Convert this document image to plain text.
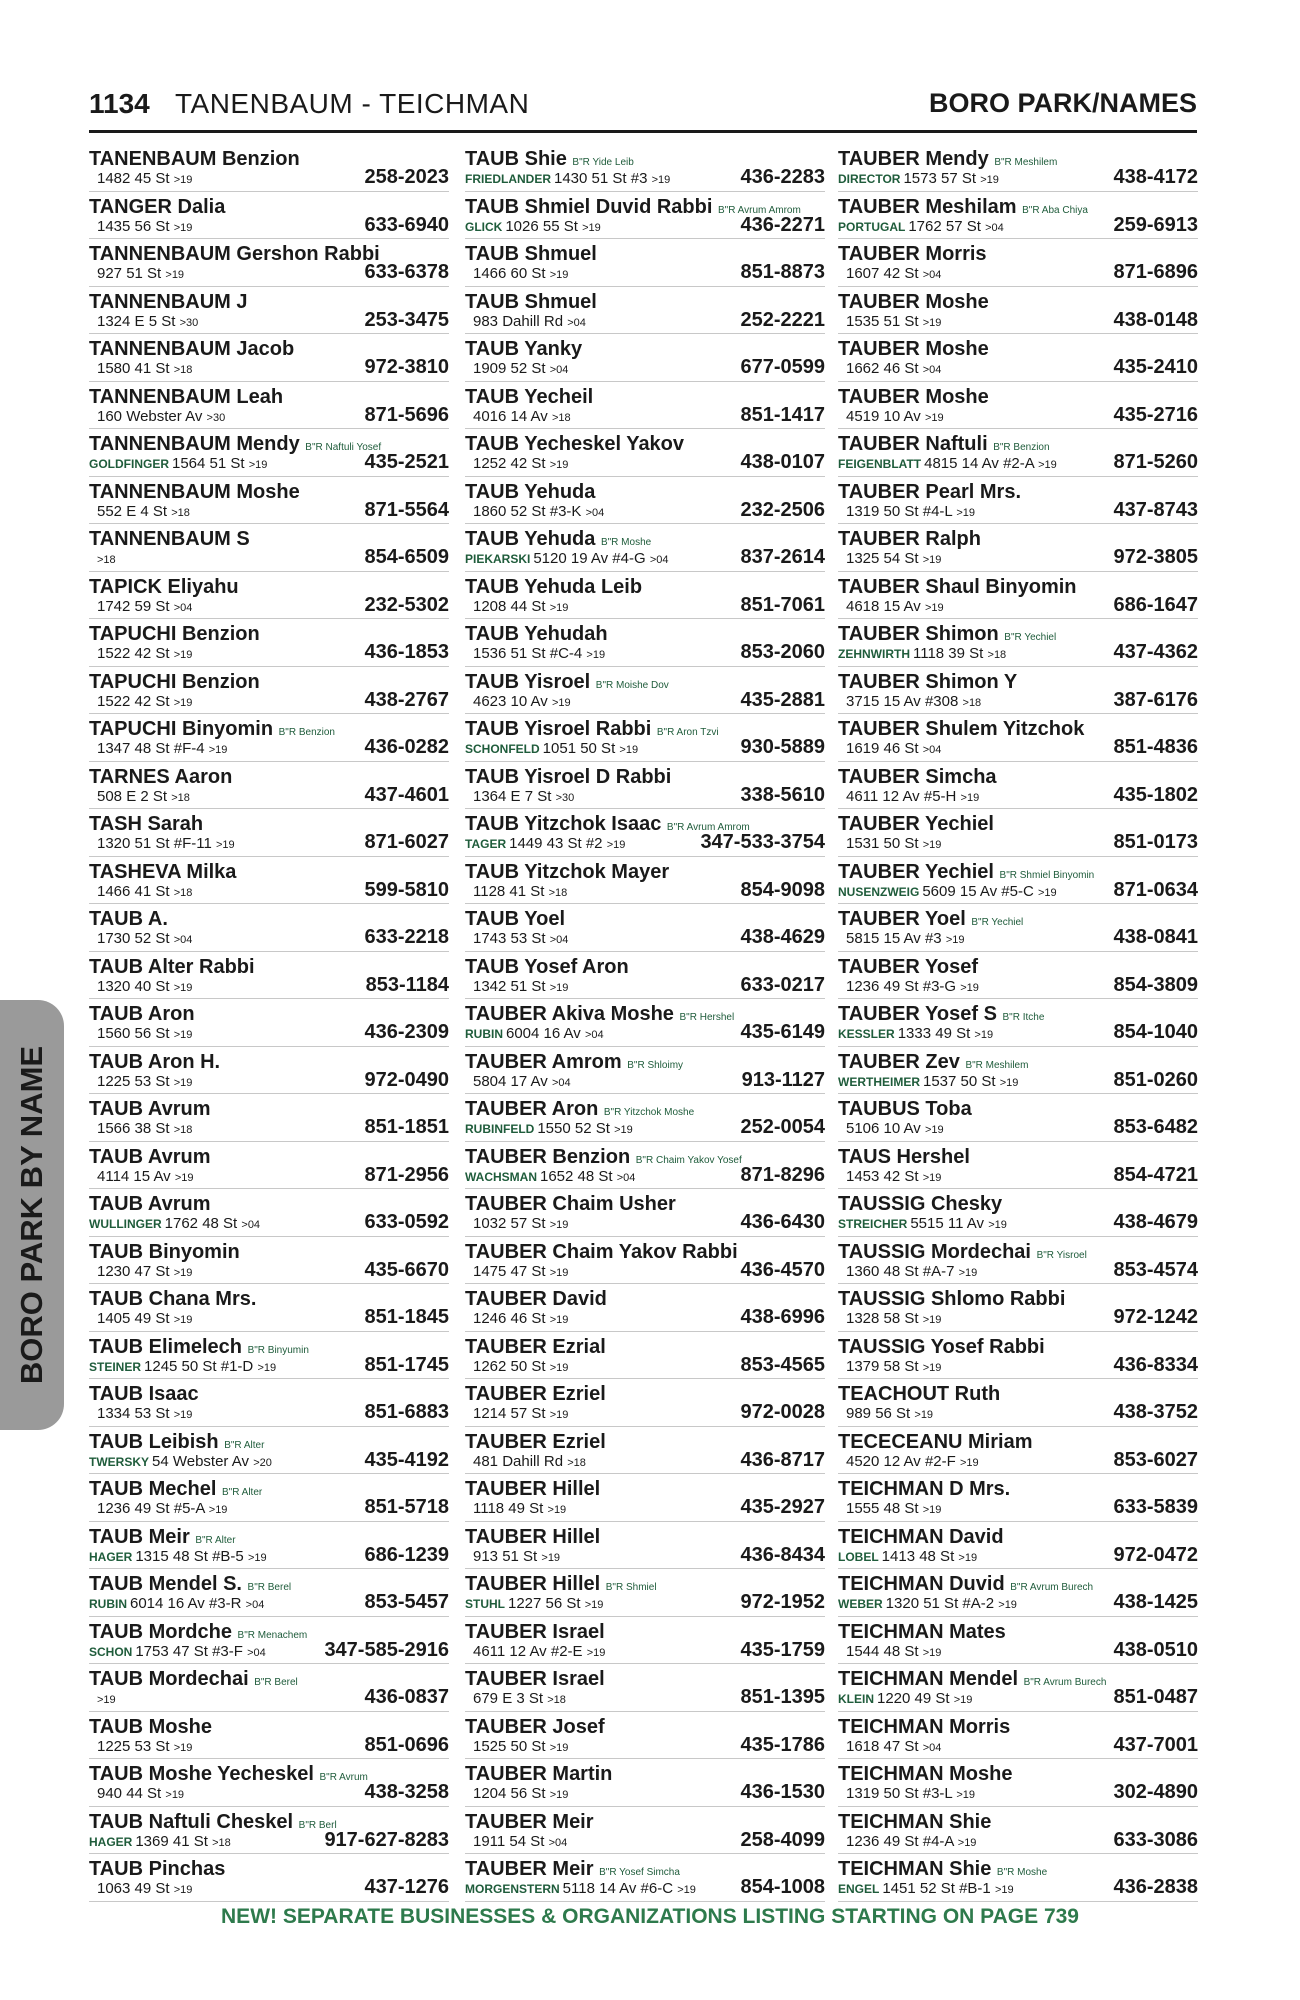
1134 TANENBAUM - TEICHMAN	BORO PARK/NAMES
TANENBAUM Benzion
1482 45 St >19	258-2023
TANGER Dalia
1435 56 St >19	633-6940
TANNENBAUM Gershon Rabbi
927 51 St >19	633-6378
TANNENBAUM J
1324 E 5 St >30	253-3475
TANNENBAUM Jacob
1580 41 St >18	972-3810
TANNENBAUM Leah
160 Webster Av >30	871-5696
TANNENBAUM Mendy B"R Naftuli Yosef
GOLDFINGER 1564 51 St >19	435-2521
TANNENBAUM Moshe
552 E 4 St >18	871-5564
TANNENBAUM S
>18	854-6509
TAPICK Eliyahu
1742 59 St >04	232-5302
TAPUCHI Benzion
1522 42 St >19	436-1853
TAPUCHI Benzion
1522 42 St >19	438-2767
TAPUCHI Binyomin B"R Benzion
1347 48 St #F-4 >19	436-0282
TARNES Aaron
508 E 2 St >18	437-4601
TASH Sarah
1320 51 St #F-11 >19	871-6027
TASHEVA Milka
1466 41 St >18	599-5810
TAUB A.
1730 52 St >04	633-2218
TAUB Alter Rabbi
1320 40 St >19	853-1184
TAUB Aron
1560 56 St >19	436-2309
TAUB Aron H.
1225 53 St >19	972-0490
TAUB Avrum
1566 38 St >18	851-1851
TAUB Avrum
4114 15 Av >19	871-2956
TAUB Avrum
WULLINGER 1762 48 St >04	633-0592
TAUB Binyomin
1230 47 St >19	435-6670
TAUB Chana Mrs.
1405 49 St >19	851-1845
TAUB Elimelech B"R Binyumin
STEINER 1245 50 St #1-D >19	851-1745
TAUB Isaac
1334 53 St >19	851-6883
TAUB Leibish B"R Alter
TWERSKY 54 Webster Av >20	435-4192
TAUB Mechel B"R Alter
1236 49 St #5-A >19	851-5718
TAUB Meir B"R Alter
HAGER 1315 48 St #B-5 >19	686-1239
TAUB Mendel S. B"R Berel
RUBIN 6014 16 Av #3-R >04	853-5457
TAUB Mordche B"R Menachem
SCHON 1753 47 St #3-F >04	347-585-2916
TAUB Mordechai B"R Berel
>19	436-0837
TAUB Moshe
1225 53 St >19	851-0696
TAUB Moshe Yecheskel B"R Avrum
940 44 St >19	438-3258
TAUB Naftuli Cheskel B"R Berl
HAGER 1369 41 St >18	917-627-8283
TAUB Pinchas
1063 49 St >19	437-1276
TAUB Shie B"R Yide Leib
FRIEDLANDER 1430 51 St #3 >19	436-2283
TAUB Shmiel Duvid Rabbi B"R Avrum Amrom
GLICK 1026 55 St >19	436-2271
TAUB Shmuel
1466 60 St >19	851-8873
TAUB Shmuel
983 Dahill Rd >04	252-2221
TAUB Yanky
1909 52 St >04	677-0599
TAUB Yecheil
4016 14 Av >18	851-1417
TAUB Yecheskel Yakov
1252 42 St >19	438-0107
TAUB Yehuda
1860 52 St #3-K >04	232-2506
TAUB Yehuda B"R Moshe
PIEKARSKI 5120 19 Av #4-G >04	837-2614
TAUB Yehuda Leib
1208 44 St >19	851-7061
TAUB Yehudah
1536 51 St #C-4 >19	853-2060
TAUB Yisroel B"R Moishe Dov
4623 10 Av >19	435-2881
TAUB Yisroel Rabbi B"R Aron Tzvi
SCHONFELD 1051 50 St >19	930-5889
TAUB Yisroel D Rabbi
1364 E 7 St >30	338-5610
TAUB Yitzchok Isaac B"R Avrum Amrom
TAGER 1449 43 St #2 >19	347-533-3754
TAUB Yitzchok Mayer
1128 41 St >18	854-9098
TAUB Yoel
1743 53 St >04	438-4629
TAUB Yosef Aron
1342 51 St >19	633-0217
TAUBER Akiva Moshe B"R Hershel
RUBIN 6004 16 Av >04	435-6149
TAUBER Amrom B"R Shloimy
5804 17 Av >04	913-1127
TAUBER Aron B"R Yitzchok Moshe
RUBINFELD 1550 52 St >19	252-0054
TAUBER Benzion B"R Chaim Yakov Yosef
WACHSMAN 1652 48 St >04	871-8296
TAUBER Chaim Usher
1032 57 St >19	436-6430
TAUBER Chaim Yakov Rabbi
1475 47 St >19	436-4570
TAUBER David
1246 46 St >19	438-6996
TAUBER Ezrial
1262 50 St >19	853-4565
TAUBER Ezriel
1214 57 St >19	972-0028
TAUBER Ezriel
481 Dahill Rd >18	436-8717
TAUBER Hillel
1118 49 St >19	435-2927
TAUBER Hillel
913 51 St >19	436-8434
TAUBER Hillel B"R Shmiel
STUHL 1227 56 St >19	972-1952
TAUBER Israel
4611 12 Av #2-E >19	435-1759
TAUBER Israel
679 E 3 St >18	851-1395
TAUBER Josef
1525 50 St >19	435-1786
TAUBER Martin
1204 56 St >19	436-1530
TAUBER Meir
1911 54 St >04	258-4099
TAUBER Meir B"R Yosef Simcha
MORGENSTERN 5118 14 Av #6-C >19 854-1008
TAUBER Mendy B"R Meshilem
DIRECTOR 1573 57 St >19	438-4172
TAUBER Meshilam B"R Aba Chiya
PORTUGAL 1762 57 St >04	259-6913
TAUBER Morris
1607 42 St >04	871-6896
TAUBER Moshe
1535 51 St >19	438-0148
TAUBER Moshe
1662 46 St >04	435-2410
TAUBER Moshe
4519 10 Av >19	435-2716
TAUBER Naftuli B"R Benzion
FEIGENBLATT 4815 14 Av #2-A >19	871-5260
TAUBER Pearl Mrs.
1319 50 St #4-L >19	437-8743
TAUBER Ralph
1325 54 St >19	972-3805
TAUBER Shaul Binyomin
4618 15 Av >19	686-1647
TAUBER Shimon B"R Yechiel
ZEHNWIRTH 1118 39 St >18	437-4362
TAUBER Shimon Y
3715 15 Av #308 >18	387-6176
TAUBER Shulem Yitzchok
1619 46 St >04	851-4836
TAUBER Simcha
4611 12 Av #5-H >19	435-1802
TAUBER Yechiel
1531 50 St >19	851-0173
TAUBER Yechiel B"R Shmiel Binyomin
NUSENZWEIG 5609 15 Av #5-C >19	871-0634
TAUBER Yoel B"R Yechiel
5815 15 Av #3 >19	438-0841
TAUBER Yosef
1236 49 St #3-G >19	854-3809
TAUBER Yosef S B"R Itche
KESSLER 1333 49 St >19	854-1040
TAUBER Zev B"R Meshilem
WERTHEIMER 1537 50 St >19	851-0260
TAUBUS Toba
5106 10 Av >19	853-6482
TAUS Hershel
1453 42 St >19	854-4721
TAUSSIG Chesky
STREICHER 5515 11 Av >19	438-4679
TAUSSIG Mordechai B"R Yisroel
1360 48 St #A-7 >19	853-4574
TAUSSIG Shlomo Rabbi
1328 58 St >19	972-1242
TAUSSIG Yosef Rabbi
1379 58 St >19	436-8334
TEACHOUT Ruth
989 56 St >19	438-3752
TECECEANU Miriam
4520 12 Av #2-F >19	853-6027
TEICHMAN D Mrs.
1555 48 St >19	633-5839
TEICHMAN David
LOBEL 1413 48 St >19	972-0472
TEICHMAN Duvid B"R Avrum Burech
WEBER 1320 51 St #A-2 >19	438-1425
TEICHMAN Mates
1544 48 St >19	438-0510
TEICHMAN Mendel B"R Avrum Burech
KLEIN 1220 49 St >19	851-0487
TEICHMAN Morris
1618 47 St >04	437-7001
TEICHMAN Moshe
1319 50 St #3-L >19	302-4890
TEICHMAN Shie
1236 49 St #4-A >19	633-3086
TEICHMAN Shie B"R Moshe
ENGEL 1451 52 St #B-1 >19	436-2838
BORO PARK BY NAME
NEW! SEPARATE BUSINESSES & ORGANIZATIONS LISTING STARTING ON PAGE 739
